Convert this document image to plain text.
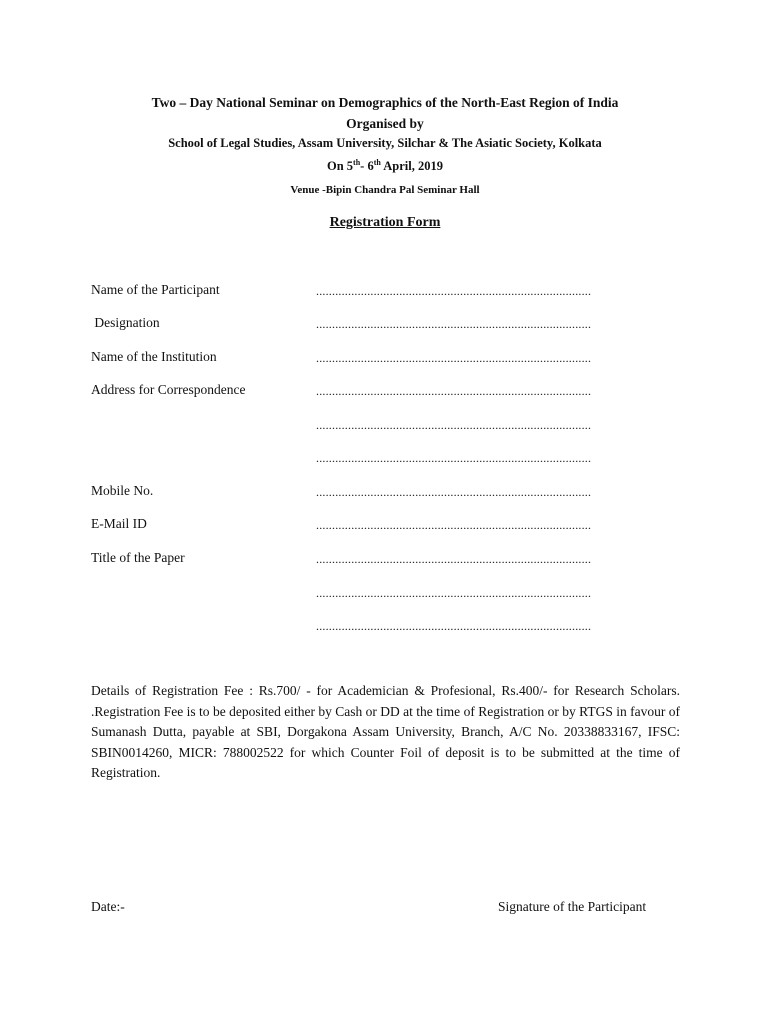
Two – Day National Seminar on Demographics of the North-East Region of India
Organised by
School of Legal Studies, Assam University, Silchar & The Asiatic Society, Kolkata
On 5th- 6th April, 2019
Venue -Bipin Chandra Pal Seminar Hall
Registration Form
Name of the Participant	......................................................................................
Designation	......................................................................................
Name of the Institution	......................................................................................
Address for Correspondence	......................................................................................
......................................................................................
......................................................................................
Mobile No.	......................................................................................
E-Mail ID	......................................................................................
Title of the Paper	......................................................................................
......................................................................................
......................................................................................
Details of Registration Fee : Rs.700/ - for Academician & Profesional, Rs.400/- for Research Scholars. .Registration Fee is to be deposited either by Cash or DD at the time of Registration or by RTGS in favour of Sumanash Dutta, payable at SBI, Dorgakona Assam University, Branch, A/C No. 20338833167, IFSC: SBIN0014260, MICR: 788002522 for which Counter Foil of deposit is to be submitted at the time of Registration.
Date:-	Signature of the Participant
